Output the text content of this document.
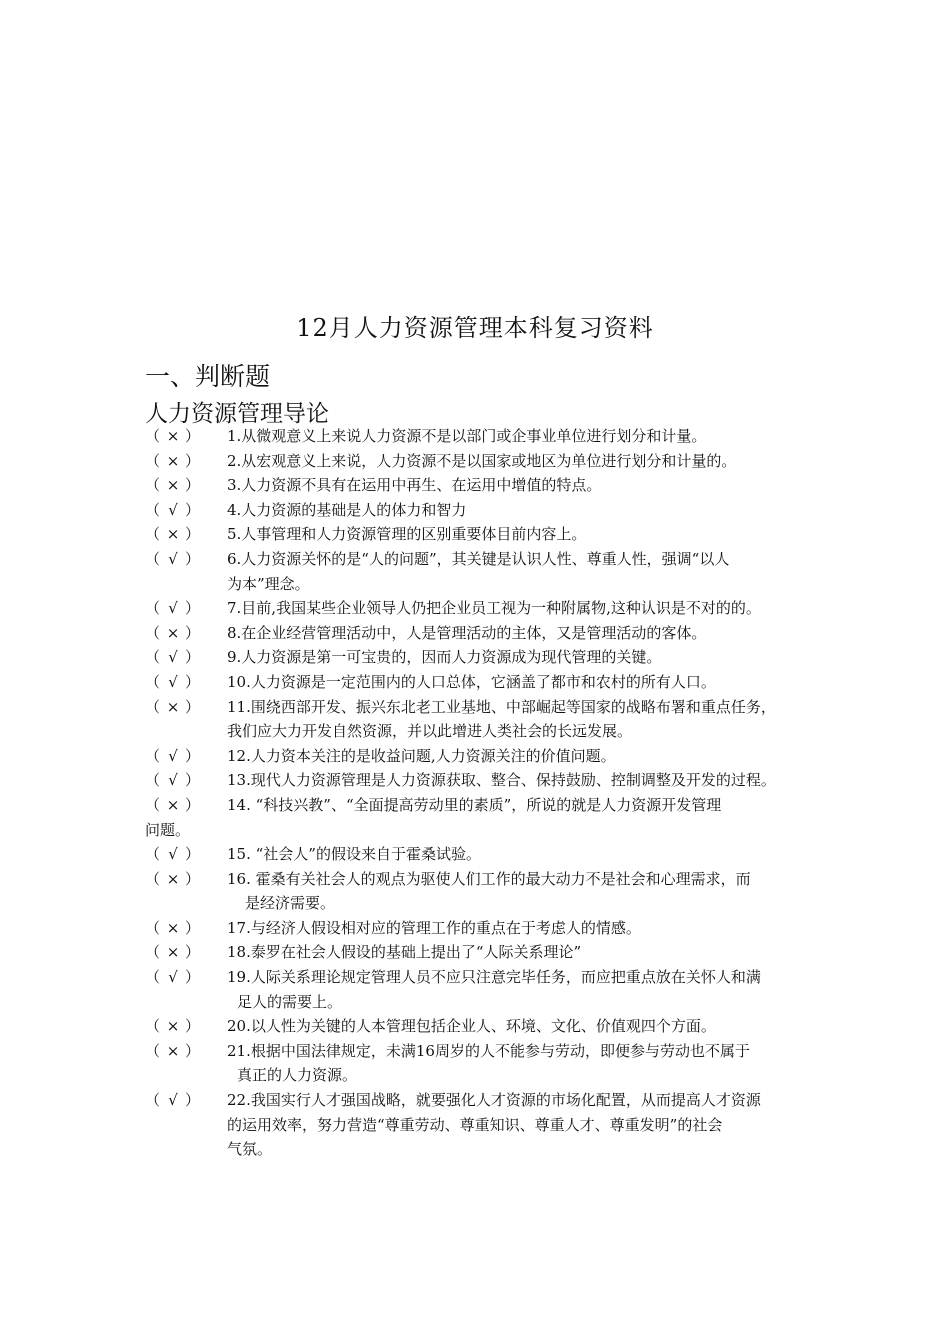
12月人力资源管理本科复习资料
一、判断题
人力资源管理导论
（ × ） 1.从微观意义上来说人力资源不是以部门或企事业单位进行划分和计量。
（ × ） 2.从宏观意义上来说，人力资源不是以国家或地区为单位进行划分和计量的。
（ × ） 3.人力资源不具有在运用中再生、在运用中增值的特点。
（ √ ） 4.人力资源的基础是人的体力和智力
（ × ） 5.人事管理和人力资源管理的区别重要体目前内容上。
（ √ ） 6.人力资源关怀的是“人的问题”，其关键是认识人性、尊重人性，强调“以人
为本”理念。
（ √ ） 7.目前,我国某些企业领导人仍把企业员工视为一种附属物,这种认识是不对的的。
（ × ） 8.在企业经营管理活动中，人是管理活动的主体，又是管理活动的客体。
（ √ ） 9.人力资源是第一可宝贵的，因而人力资源成为现代管理的关键。
（ √ ） 10.人力资源是一定范围内的人口总体，它涵盖了都市和农村的所有人口。
（ × ） 11.围绕西部开发、振兴东北老工业基地、中部崛起等国家的战略布署和重点任务，
我们应大力开发自然资源，并以此增进人类社会的长远发展。
（ √ ） 12.人力资本关注的是收益问题,人力资源关注的价值问题。
（ √ ） 13.现代人力资源管理是人力资源获取、整合、保持鼓励、控制调整及开发的过程。
（ × ） 14. “科技兴教”、“全面提高劳动里的素质”，所说的就是人力资源开发管理
问题。
（ √ ） 15. “社会人”的假设来自于霍桑试验。
（ × ） 16. 霍桑有关社会人的观点为驱使人们工作的最大动力不是社会和心理需求，而
是经济需要。
（ × ） 17.与经济人假设相对应的管理工作的重点在于考虑人的情感。
（ × ） 18.泰罗在社会人假设的基础上提出了“人际关系理论”
（ √ ） 19.人际关系理论规定管理人员不应只注意完毕任务，而应把重点放在关怀人和满
足人的需要上。
（ × ） 20.以人性为关键的人本管理包括企业人、环境、文化、价值观四个方面。
（ × ） 21.根据中国法律规定，未满16周岁的人不能参与劳动，即便参与劳动也不属于
真正的人力资源。
（ √ ） 22.我国实行人才强国战略，就要强化人才资源的市场化配置，从而提高人才资源
的运用效率，努力营造“尊重劳动、尊重知识、尊重人才、尊重发明”的社会
气氛。
